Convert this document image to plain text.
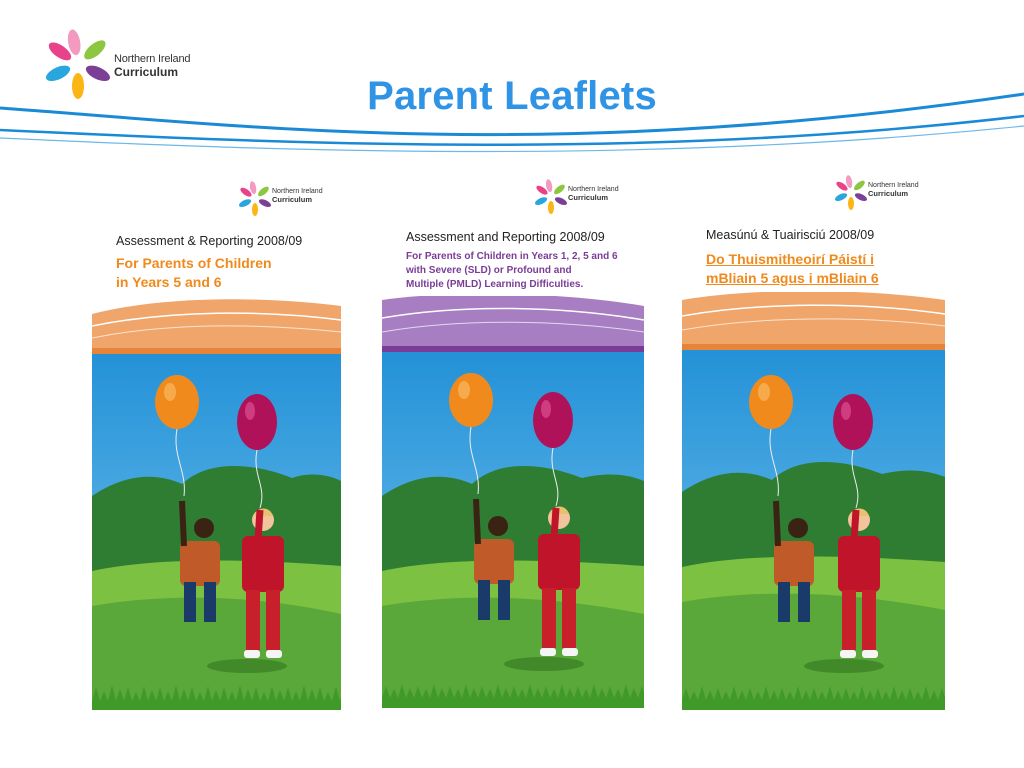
Northern Ireland
Curriculum
Parent Leaflets
Northern Ireland
Curriculum
Assessment & Reporting 2008/09
For Parents of Children
in Years 5 and 6
Northern Ireland
Curriculum
Assessment and Reporting 2008/09
For Parents of Children in Years 1, 2, 5 and 6
with Severe (SLD) or Profound and
Multiple (PMLD) Learning Difficulties.
Northern Ireland
Curriculum
Measúnú & Tuairisciú 2008/09
Do Thuismitheoirí Páistí i
mBliain 5 agus i mBliain 6
